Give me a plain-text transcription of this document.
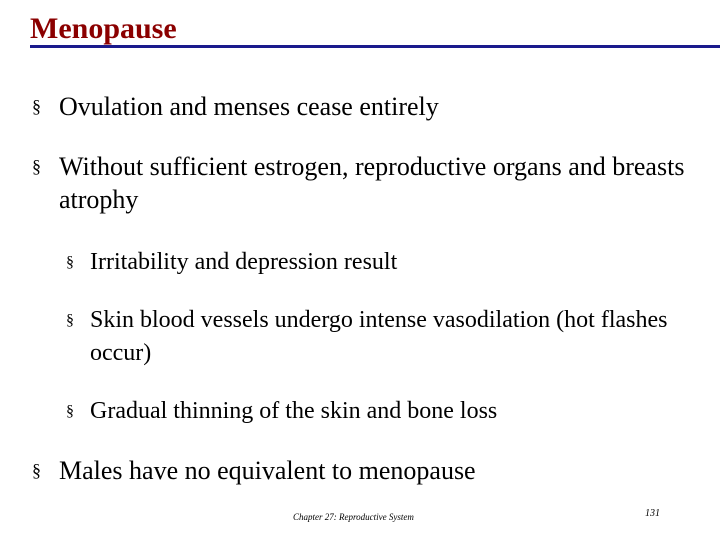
Menopause
§ Ovulation and menses cease entirely
§ Without sufficient estrogen, reproductive organs and breasts atrophy
§ Irritability and depression result
§ Skin blood vessels undergo intense vasodilation (hot flashes occur)
§ Gradual thinning of the skin and bone loss
§ Males have no equivalent to menopause
Chapter 27: Reproductive System	131
